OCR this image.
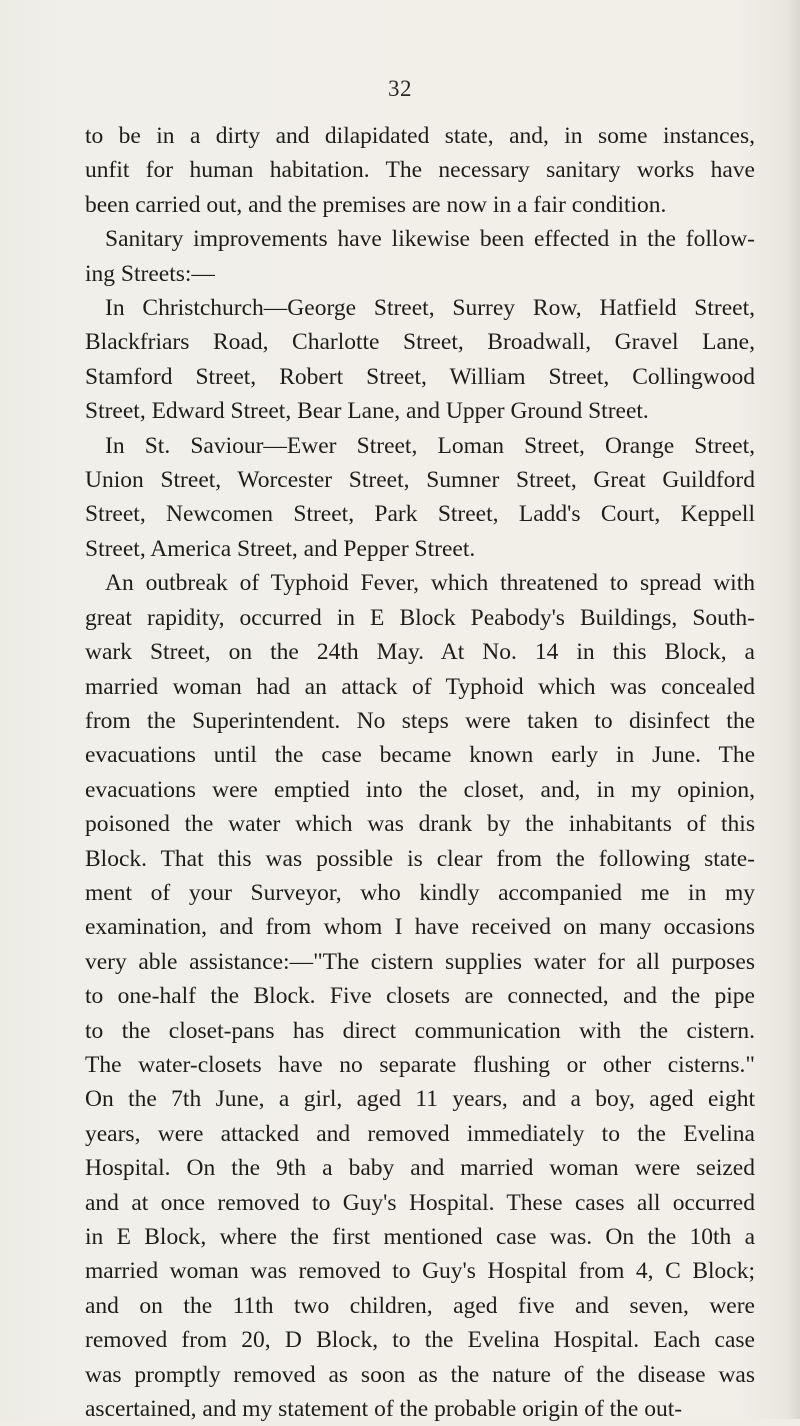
32

to be in a dirty and dilapidated state, and, in some instances,
unfit for human habitation. The necessary sanitary works have
been carried out, and the premises are now in a fair condition.

Sanitary improvements have likewise been effected in the follow-
ing Streets:—

In Christchurch—George Street, Surrey Row, Hatfield Street,
Blackfriars Road, Charlotte Street, Broadwall, Gravel Lane,
Stamford Street, Robert Street, William Street, Collingwood
Street, Edward Street, Bear Lane, and Upper Ground Street.

In St. Saviour—Ewer Street, Loman Street, Orange Street,
Union Street, Worcester Street, Sumner Street, Great Guildford
Street, Newcomen Street, Park Street, Ladd's Court, Keppell
Street, America Street, and Pepper Street.

An outbreak of Typhoid Fever, which threatened to spread with
great rapidity, occurred in E Block Peabody's Buildings, South-
wark Street, on the 24th May. At No. 14 in this Block, a
married woman had an attack of Typhoid which was concealed
from the Superintendent. No steps were taken to disinfect the
evacuations until the case became known early in June. The
evacuations were emptied into the closet, and, in my opinion,
poisoned the water which was drank by the inhabitants of this
Block. That this was possible is clear from the following state-
ment of your Surveyor, who kindly accompanied me in my
examination, and from whom I have received on many occasions
very able assistance:—"The cistern supplies water for all purposes
to one-half the Block. Five closets are connected, and the pipe
to the closet-pans has direct communication with the cistern.
The water-closets have no separate flushing or other cisterns."
On the 7th June, a girl, aged 11 years, and a boy, aged eight
years, were attacked and removed immediately to the Evelina
Hospital. On the 9th a baby and married woman were seized
and at once removed to Guy's Hospital. These cases all occurred
in E Block, where the first mentioned case was. On the 10th a
married woman was removed to Guy's Hospital from 4, C Block;
and on the 11th two children, aged five and seven, were
removed from 20, D Block, to the Evelina Hospital. Each case
was promptly removed as soon as the nature of the disease was
ascertained, and my statement of the probable origin of the out-
